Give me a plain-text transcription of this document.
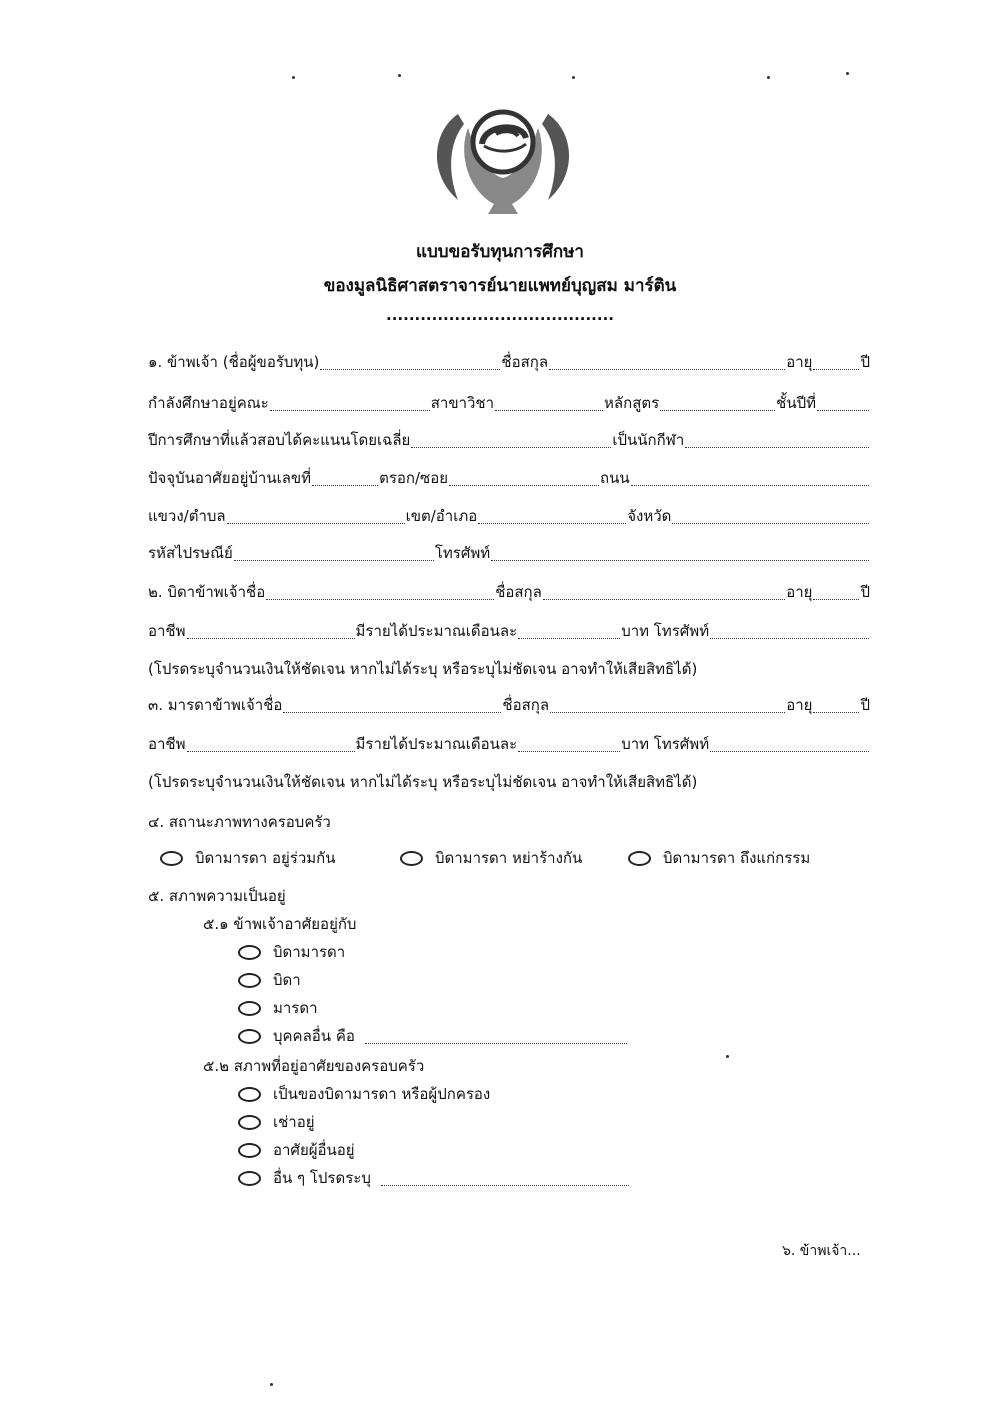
แบบขอรับทุนการศึกษา
ของมูลนิธิศาสตราจารย์นายแพทย์บุญสม มาร์ติน
........................................
๑. ข้าพเจ้า (ชื่อผู้ขอรับทุน)	ชื่อสกุล	อายุ	ปี
กำลังศึกษาอยู่คณะ	สาขาวิชา	หลักสูตร	ชั้นปีที่
ปีการศึกษาที่แล้วสอบได้คะแนนโดยเฉลี่ย	เป็นนักกีฬา
ปัจจุบันอาศัยอยู่บ้านเลขที่	ตรอก/ซอย	ถนน
แขวง/ตำบล	เขต/อำเภอ	จังหวัด
รหัสไปรษณีย์	โทรศัพท์
๒. บิดาข้าพเจ้าชื่อ	ชื่อสกุล	อายุ	ปี
อาชีพ	มีรายได้ประมาณเดือนละ	บาท โทรศัพท์
(โปรดระบุจำนวนเงินให้ชัดเจน หากไม่ได้ระบุ หรือระบุไม่ชัดเจน อาจทำให้เสียสิทธิได้)
๓. มารดาข้าพเจ้าชื่อ	ชื่อสกุล	อายุ	ปี
อาชีพ	มีรายได้ประมาณเดือนละ	บาท โทรศัพท์
(โปรดระบุจำนวนเงินให้ชัดเจน หากไม่ได้ระบุ หรือระบุไม่ชัดเจน อาจทำให้เสียสิทธิได้)
๔. สถานะภาพทางครอบครัว
บิดามารดา อยู่ร่วมกัน	บิดามารดา หย่าร้างกัน	บิดามารดา ถึงแก่กรรม
๕. สภาพความเป็นอยู่
๕.๑ ข้าพเจ้าอาศัยอยู่กับ
บิดามารดา
บิดา
มารดา
บุคคลอื่น คือ
๕.๒ สภาพที่อยู่อาศัยของครอบครัว
เป็นของบิดามารดา หรือผู้ปกครอง
เช่าอยู่
อาศัยผู้อื่นอยู่
อื่น ๆ โปรดระบุ
๖. ข้าพเจ้า...
